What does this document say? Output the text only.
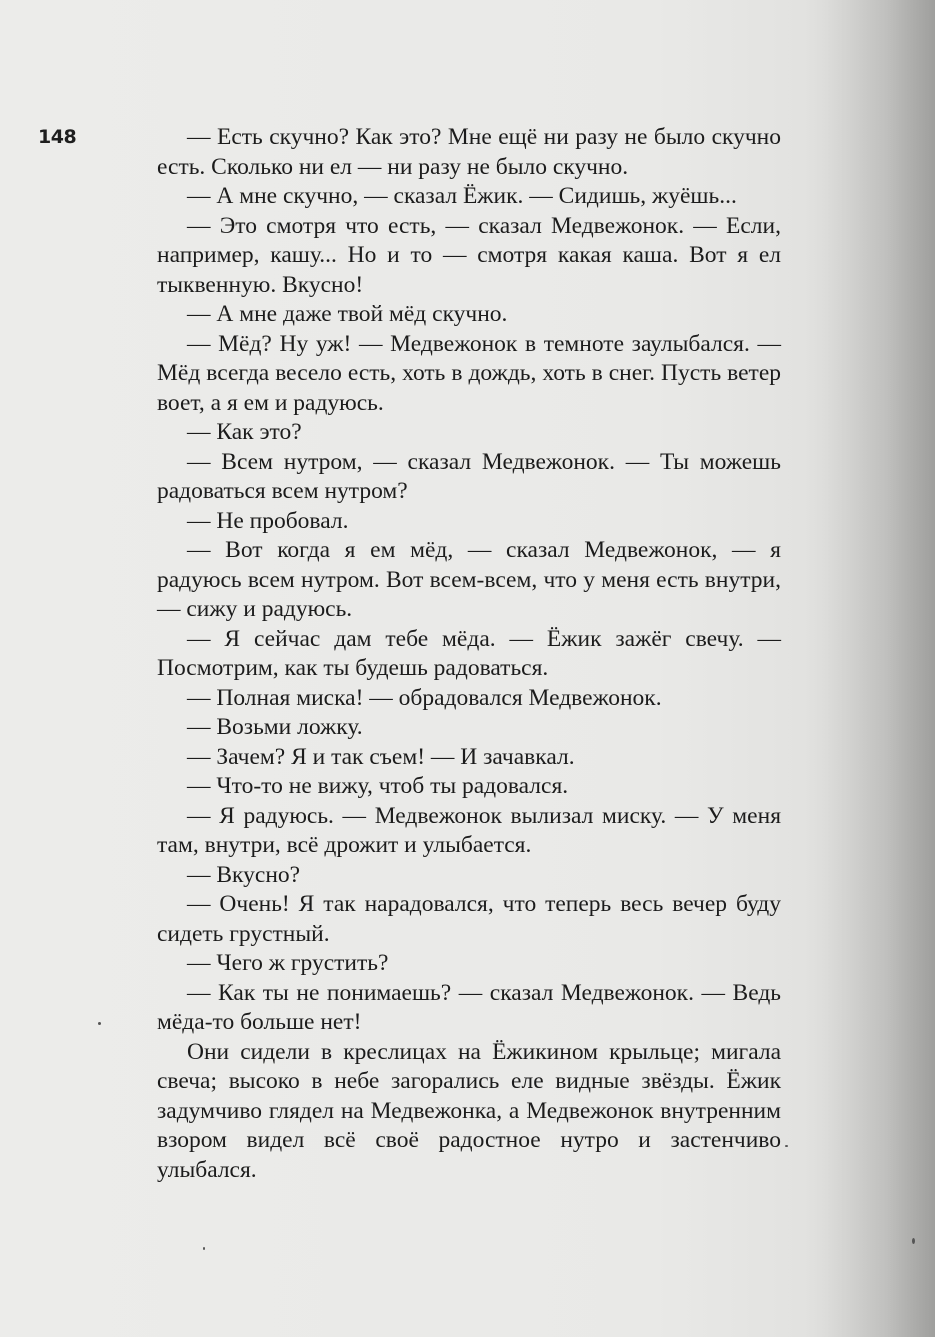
148	— Есть скучно? Как это? Мне ещё ни разу не было скучно есть. Сколько ни ел — ни разу не было скучно.

— А мне скучно, — сказал Ёжик. — Сидишь, жуёшь...

— Это смотря что есть, — сказал Медвежонок. — Если, например, кашу... Но и то — смотря какая каша. Вот я ел тыквенную. Вкусно!

— А мне даже твой мёд скучно.

— Мёд? Ну уж! — Медвежонок в темноте заулыбался. — Мёд всегда весело есть, хоть в дождь, хоть в снег. Пусть ветер воет, а я ем и радуюсь.

— Как это?

— Всем нутром, — сказал Медвежонок. — Ты можешь радоваться всем нутром?

— Не пробовал.

— Вот когда я ем мёд, — сказал Медвежонок, — я радуюсь всем нутром. Вот всем-всем, что у меня есть внутри, — сижу и радуюсь.

— Я сейчас дам тебе мёда. — Ёжик зажёг свечу. — Посмотрим, как ты будешь радоваться.

— Полная миска! — обрадовался Медвежонок.

— Возьми ложку.

— Зачем? Я и так съем! — И зачавкал.

— Что-то не вижу, чтоб ты радовался.

— Я радуюсь. — Медвежонок вылизал миску. — У меня там, внутри, всё дрожит и улыбается.

— Вкусно?

— Очень! Я так нарадовался, что теперь весь вечер буду сидеть грустный.

— Чего ж грустить?

— Как ты не понимаешь? — сказал Медвежонок. — Ведь мёда-то больше нет!

Они сидели в креслицах на Ёжикином крыльце; мигала свеча; высоко в небе загорались еле видные звёзды. Ёжик задумчиво глядел на Медвежонка, а Медвежонок внутренним взором видел всё своё радостное нутро и застенчиво улыбался.
